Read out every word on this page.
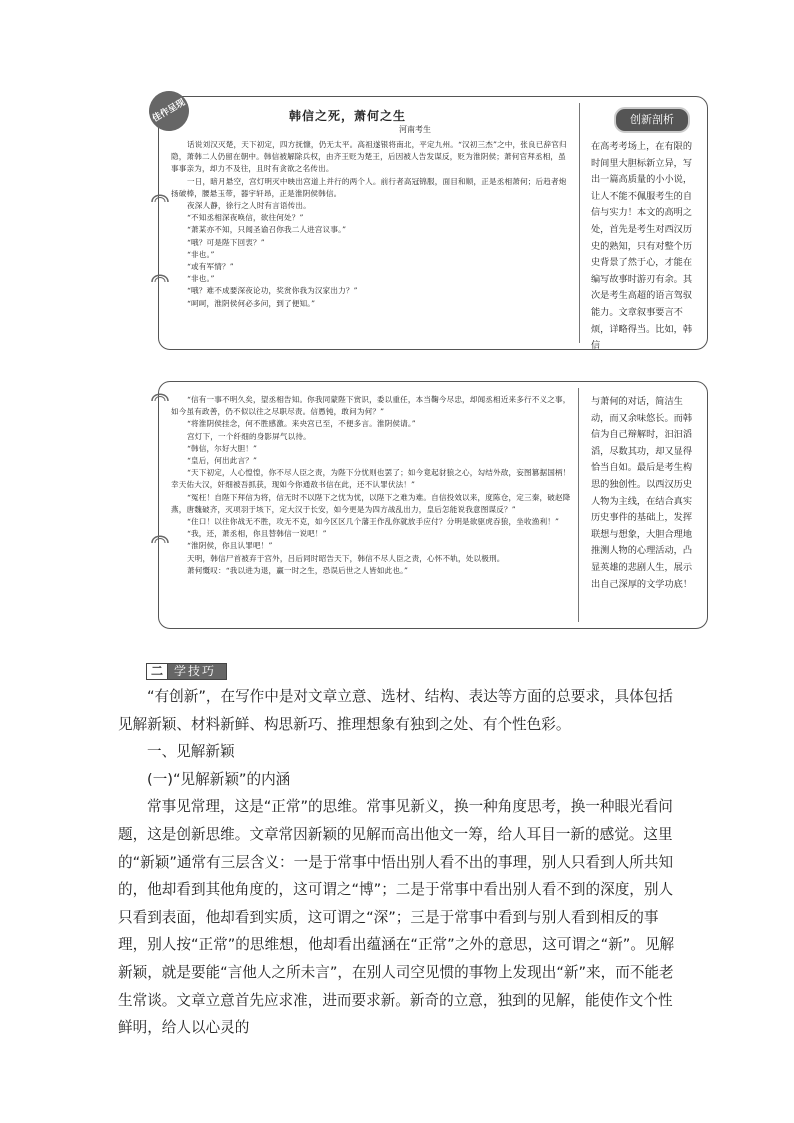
佳作呈现	韩信之死，萧何之生
河南考生

话说刘汉灭楚，天下初定，四方抚慷，仍无太平。高祖遂银将南北，平定九州。“汉初三杰”之中，张良已辞官归隐，萧韩二人仍留在朝中。韩信被解除兵权，由齐王贬为楚王，后因被人告发谋反，贬为淮阴侯；萧何官拜丞相，虽事事亲为，却力不及往，且时有贪欲之名传出。

一日，暗月悬空，宫灯明灭中映出宫道上并行的两个人。前行者高冠锦服，面目和顺，正是丞相萧何；后趋者炮扬破棒，腰悬玉带，器宇轩昂，正是淮阴侯韩信。

夜深人静，徐行之人时有言语传出。

“不知丞相深夜唤信，欲往何处？”

“萧某亦不知，只闻圣谕召你我二人进宫议事。”

“哦？可是陛下回衷？”

“非也。”

“或有军情？”

“非也。”

“哦？难不成要深夜论功，奖赏你我为汉家出力？”

“呵呵，淮阴侯何必多问，到了便知。”

创新剖析
在高考考场上，在有限的时间里大胆标新立异，写出一篇高质量的小小说，让人不能不佩服考生的自信与实力！本文的高明之处，首先是考生对西汉历史的熟知，只有对整个历史背景了然于心，才能在编写故事时游刃有余。其次是考生高超的语言驾驭能力。文章叙事要言不烦，详略得当。比如，韩信

“信有一事不明久矣，望丞相告知。你我同蒙陛下赏识，委以重任，本当鞠今尽忠，却闻丞相近来多行不义之事，如今虽有政善，仍不似以往之尽职尽责。信愚钝，敢问为何？”

“将淮阴侯挂念，何不胜感激。来央宫已至，不便多言。淮阴侯请。”

宫灯下，一个纤细的身影屏气以待。

“韩信，尔好大胆！”

“皇后，何出此言？”

“天下初定，人心惶惶，你不尽人臣之责，为陛下分忧则也罢了；如今竟起豺狼之心，勾结外敌，妄图篡据国柄！幸天佑大汉，奸细被吾抓获，现如今你通敌书信在此，还不认罪伏法！”

“冤枉！自陛下拜信为将，信无时不以陛下之忧为忧，以陛下之难为难。自信投效以来，度陈仓，定三秦，破赵降燕，唐魏破齐，灭项羽于垓下，定大汉于长安，如今更是为四方战乱出力，皇后怎能说我意图谋反？”

“住口！以往你战无不胜，攻无不克，如今区区几个藩王作乱你就放手应付？分明是欲驱虎吞狼，坐收渔利！”

“我，还，萧丞相，你且替韩信一说吧！”

“淮阴侯，你且认罪吧！”

天明，韩信尸首被弃于宫外，吕后同时昭告天下，韩信不尽人臣之责，心怀不轨，处以极刑。

萧何慨叹：“我以进为退，赢一时之生，恐误后世之人皆如此也。”

与萧何的对话，简洁生动，而又余味悠长。而韩信为自己辩解时，汩汩滔滔，尽数其功，却又显得恰当自如。最后是考生构思的独创性。以西汉历史人物为主线，在结合真实历史事件的基础上，发挥联想与想象，大胆合理地推测人物的心理活动，凸显英雄的悲剧人生，展示出自己深厚的文学功底！
二 学技巧

“有创新”，在写作中是对文章立意、选材、结构、表达等方面的总要求，具体包括见解新颖、材料新鲜、构思新巧、推理想象有独到之处、有个性色彩。

一、见解新颖

(一)“见解新颖”的内涵

常事见常理，这是“正常”的思维。常事见新义，换一种角度思考，换一种眼光看问题，这是创新思维。文章常因新颖的见解而高出他文一筹，给人耳目一新的感觉。这里的“新颖”通常有三层含义：一是于常事中悟出别人看不出的事理，别人只看到人所共知的，他却看到其他角度的，这可谓之“博”；二是于常事中看出别人看不到的深度，别人只看到表面，他却看到实质，这可谓之“深”；三是于常事中看到与别人看到相反的事理，别人按“正常”的思维想，他却看出蕴涵在“正常”之外的意思，这可谓之“新”。见解新颖，就是要能“言他人之所未言”，在别人司空见惯的事物上发现出“新”来，而不能老生常谈。文章立意首先应求准，进而要求新。新奇的立意，独到的见解，能使作文个性鲜明，给人以心灵的
